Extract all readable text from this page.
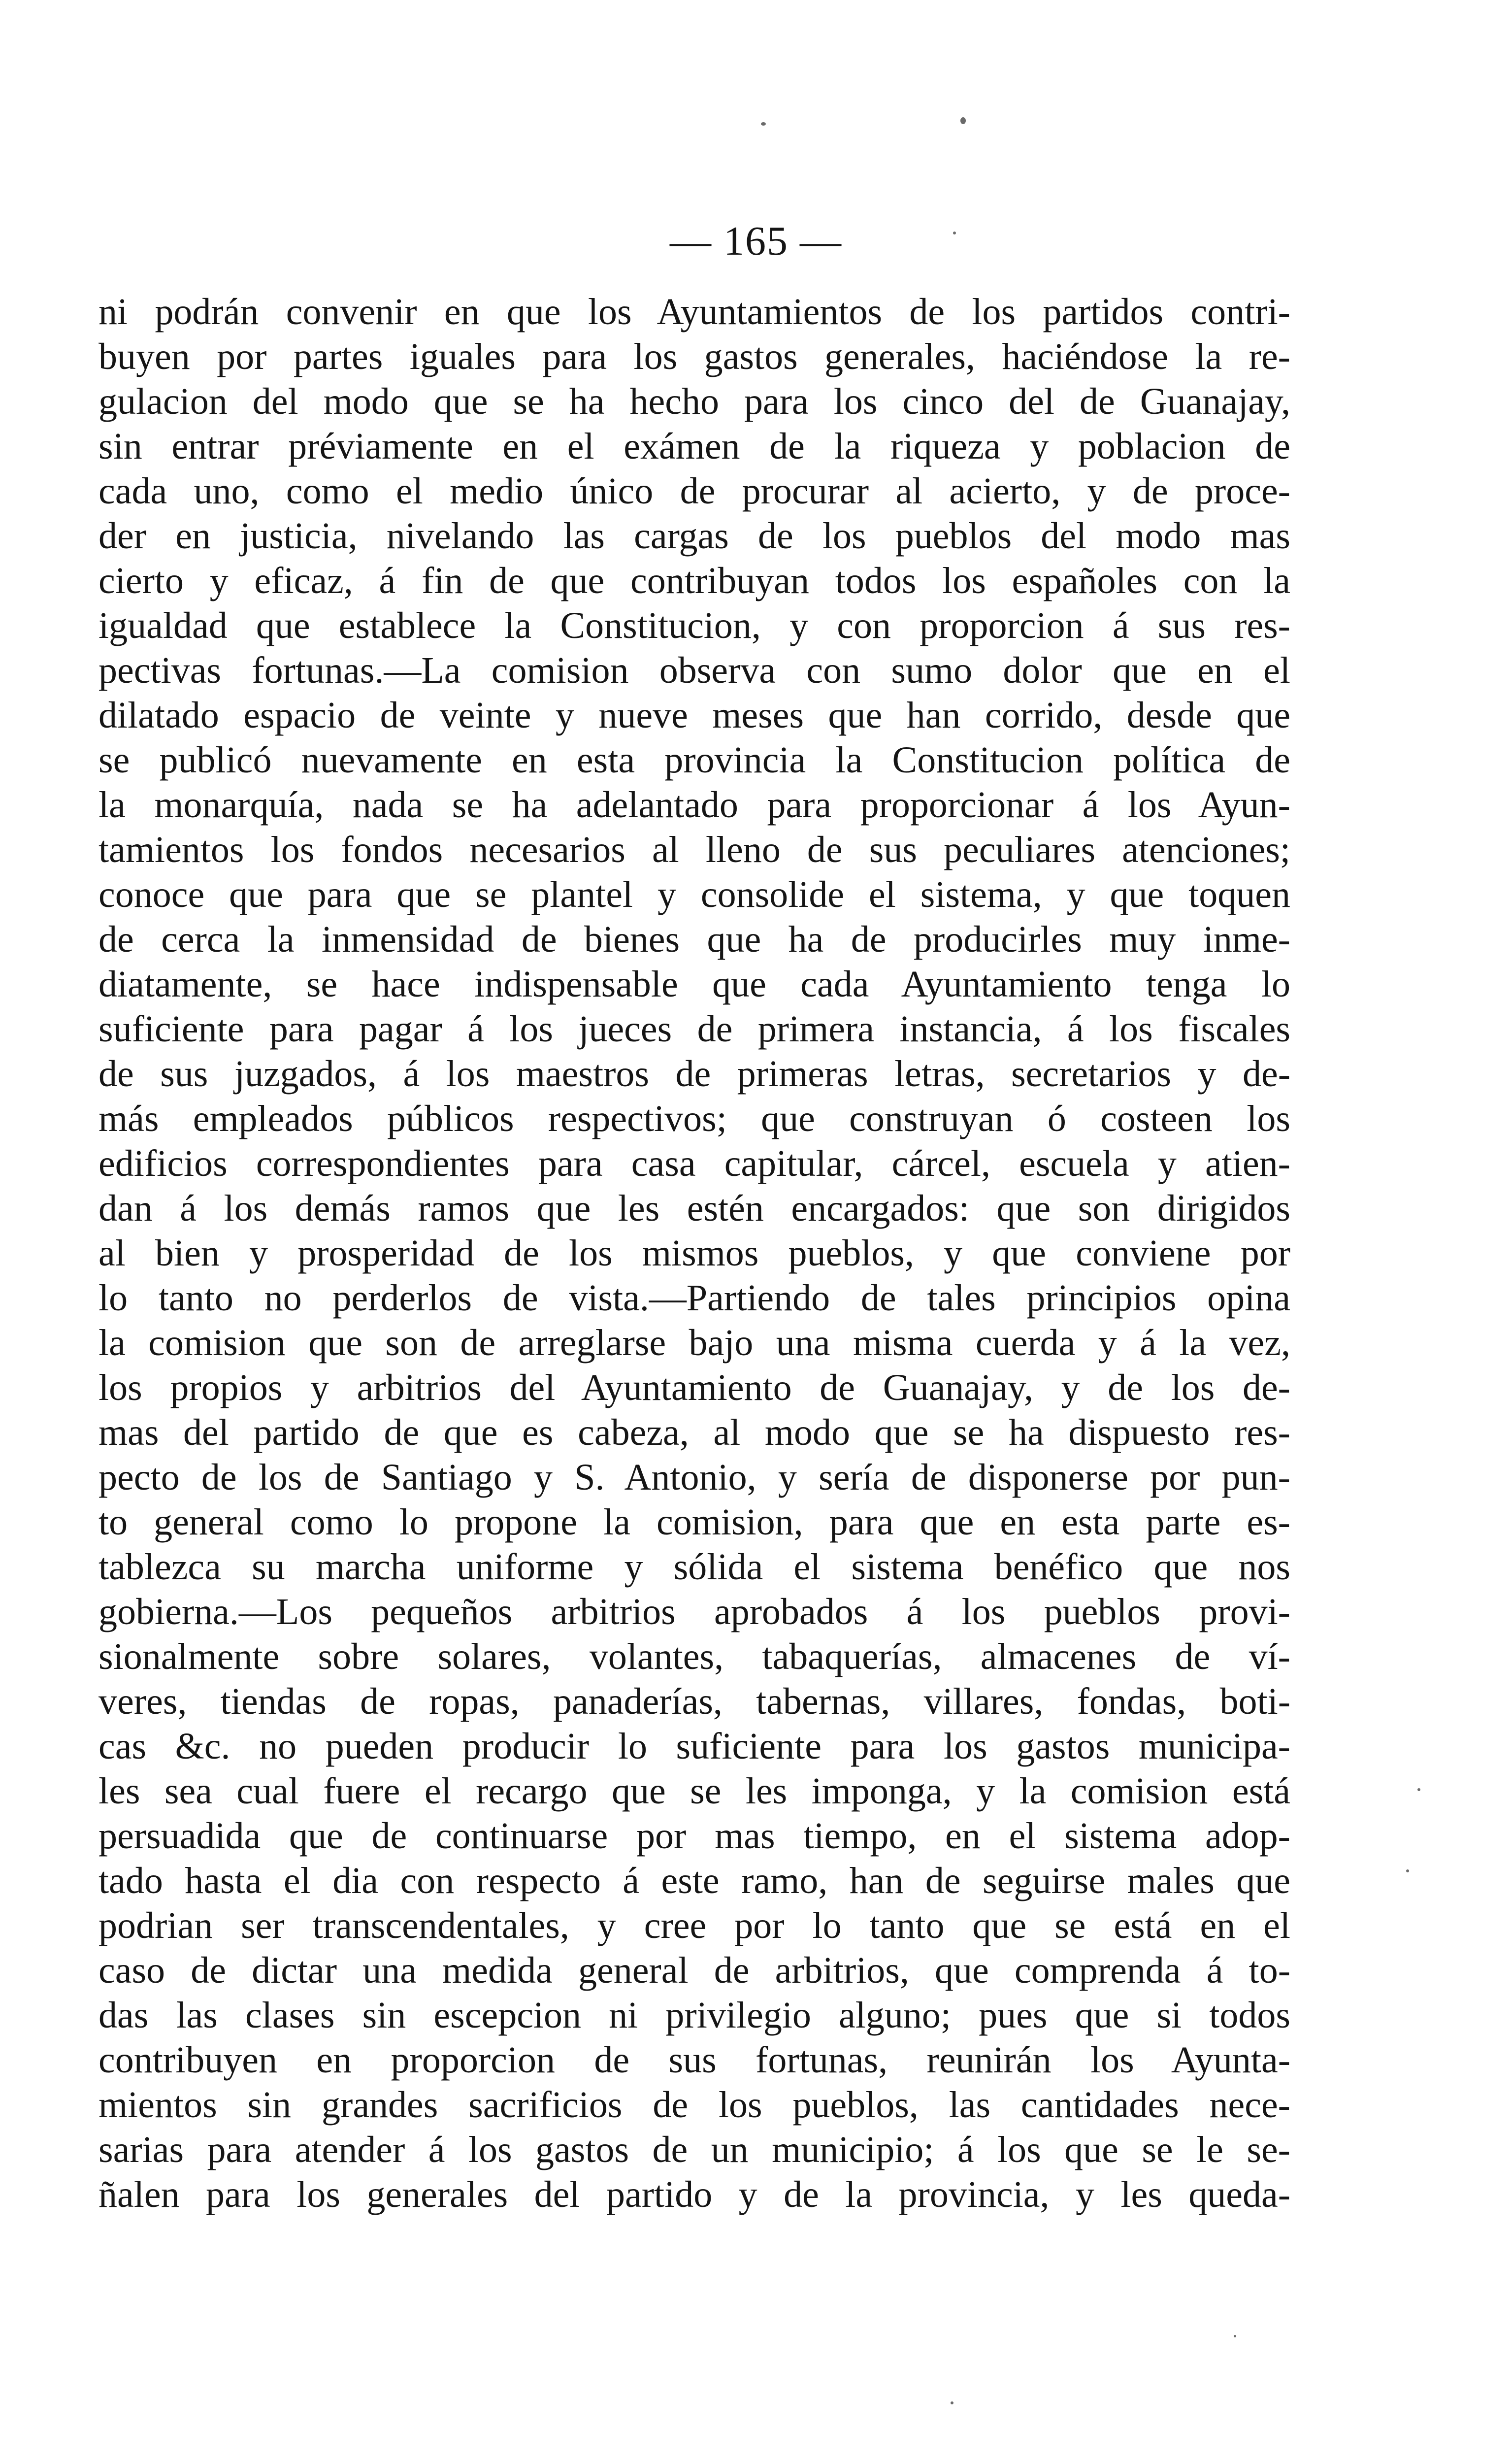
— 165 —
ni podrán convenir en que los Ayuntamientos de los partidos contri-
buyen por partes iguales para los gastos generales, haciéndose la re-
gulacion del modo que se ha hecho para los cinco del de Guanajay,
sin entrar préviamente en el exámen de la riqueza y poblacion de
cada uno, como el medio único de procurar al acierto, y de proce-
der en justicia, nivelando las cargas de los pueblos del modo mas
cierto y eficaz, á fin de que contribuyan todos los españoles con la
igualdad que establece la Constitucion, y con proporcion á sus res-
pectivas fortunas.—La comision observa con sumo dolor que en el
dilatado espacio de veinte y nueve meses que han corrido, desde que
se publicó nuevamente en esta provincia la Constitucion política de
la monarquía, nada se ha adelantado para proporcionar á los Ayun-
tamientos los fondos necesarios al lleno de sus peculiares atenciones;
conoce que para que se plantel y consolide el sistema, y que toquen
de cerca la inmensidad de bienes que ha de producirles muy inme-
diatamente, se hace indispensable que cada Ayuntamiento tenga lo
suficiente para pagar á los jueces de primera instancia, á los fiscales
de sus juzgados, á los maestros de primeras letras, secretarios y de-
más empleados públicos respectivos; que construyan ó costeen los
edificios correspondientes para casa capitular, cárcel, escuela y atien-
dan á los demás ramos que les estén encargados: que son dirigidos
al bien y prosperidad de los mismos pueblos, y que conviene por
lo tanto no perderlos de vista.—Partiendo de tales principios opina
la comision que son de arreglarse bajo una misma cuerda y á la vez,
los propios y arbitrios del Ayuntamiento de Guanajay, y de los de-
mas del partido de que es cabeza, al modo que se ha dispuesto res-
pecto de los de Santiago y S. Antonio, y sería de disponerse por pun-
to general como lo propone la comision, para que en esta parte es-
tablezca su marcha uniforme y sólida el sistema benéfico que nos
gobierna.—Los pequeños arbitrios aprobados á los pueblos provi-
sionalmente sobre solares, volantes, tabaquerías, almacenes de ví-
veres, tiendas de ropas, panaderías, tabernas, villares, fondas, boti-
cas &c. no pueden producir lo suficiente para los gastos municipa-
les sea cual fuere el recargo que se les imponga, y la comision está
persuadida que de continuarse por mas tiempo, en el sistema adop-
tado hasta el dia con respecto á este ramo, han de seguirse males que
podrian ser transcendentales, y cree por lo tanto que se está en el
caso de dictar una medida general de arbitrios, que comprenda á to-
das las clases sin escepcion ni privilegio alguno; pues que si todos
contribuyen en proporcion de sus fortunas, reunirán los Ayunta-
mientos sin grandes sacrificios de los pueblos, las cantidades nece-
sarias para atender á los gastos de un municipio; á los que se le se-
ñalen para los generales del partido y de la provincia, y les queda-
